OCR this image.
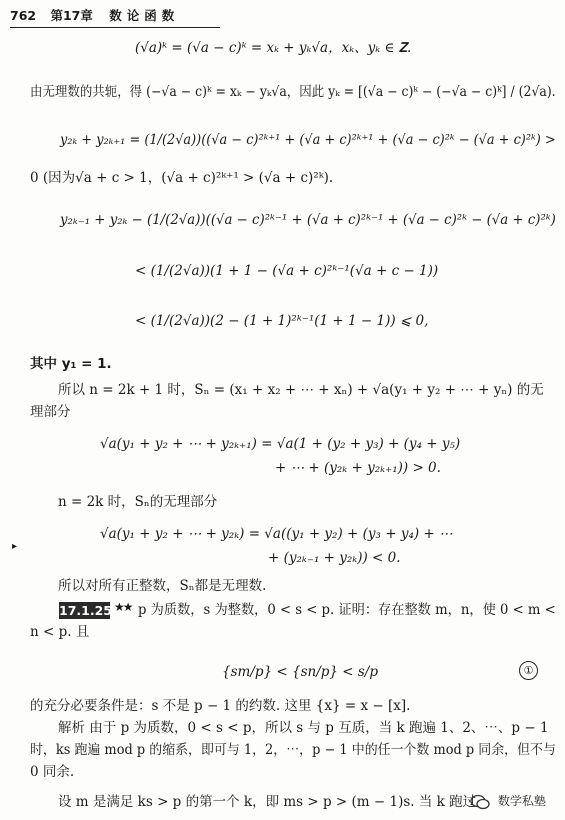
762 第17章 数论函数
(√a)ᵏ = (√a − c)ᵏ = xₖ + yₖ√a，xₖ、yₖ ∈ 𝐙.
由无理数的共轭，得 (−√a − c)ᵏ = xₖ − yₖ√a，因此 yₖ = [(√a − c)ᵏ − (−√a − c)ᵏ] / (2√a).
y₂ₖ + y₂ₖ₊₁ = (1/(2√a))((√a − c)²ᵏ⁺¹ + (√a + c)²ᵏ⁺¹ + (√a − c)²ᵏ − (√a + c)²ᵏ) >
0 (因为√a + c > 1，(√a + c)²ᵏ⁺¹ > (√a + c)²ᵏ).
y₂ₖ₋₁ + y₂ₖ − (1/(2√a))((√a − c)²ᵏ⁻¹ + (√a + c)²ᵏ⁻¹ + (√a − c)²ᵏ − (√a + c)²ᵏ)
< (1/(2√a))(1 + 1 − (√a + c)²ᵏ⁻¹(√a + c − 1))
< (1/(2√a))(2 − (1 + 1)²ᵏ⁻¹(1 + 1 − 1)) ⩽ 0,
其中 y₁ = 1.
所以 n = 2k + 1 时，Sₙ = (x₁ + x₂ + ⋯ + xₙ) + √a(y₁ + y₂ + ⋯ + yₙ) 的无
理部分
√a(y₁ + y₂ + ⋯ + y₂ₖ₊₁) = √a(1 + (y₂ + y₃) + (y₄ + y₅)
+ ⋯ + (y₂ₖ + y₂ₖ₊₁)) > 0.
n = 2k 时，Sₙ的无理部分
√a(y₁ + y₂ + ⋯ + y₂ₖ) = √a((y₁ + y₂) + (y₃ + y₄) + ⋯
+ (y₂ₖ₋₁ + y₂ₖ)) < 0.
所以对所有正整数，Sₙ都是无理数.
17.1.25 ★★ p 为质数，s 为整数，0 < s < p. 证明：存在整数 m，n，使 0 < m <
n < p. 且
{sm/p} < {sn/p} < s/p	①
的充分必要条件是：s 不是 p − 1 的约数. 这里 {x} = x − [x].
解析 由于 p 为质数，0 < s < p，所以 s 与 p 互质，当 k 跑遍 1、2、⋯、p − 1
时，ks 跑遍 mod p 的缩系，即可与 1，2，⋯，p − 1 中的任一个数 mod p 同余，但不与
0 同余.
设 m 是满足 ks > p 的第一个 k，即 ms > p > (m − 1)s. 当 k 跑过
▸
数学私塾
